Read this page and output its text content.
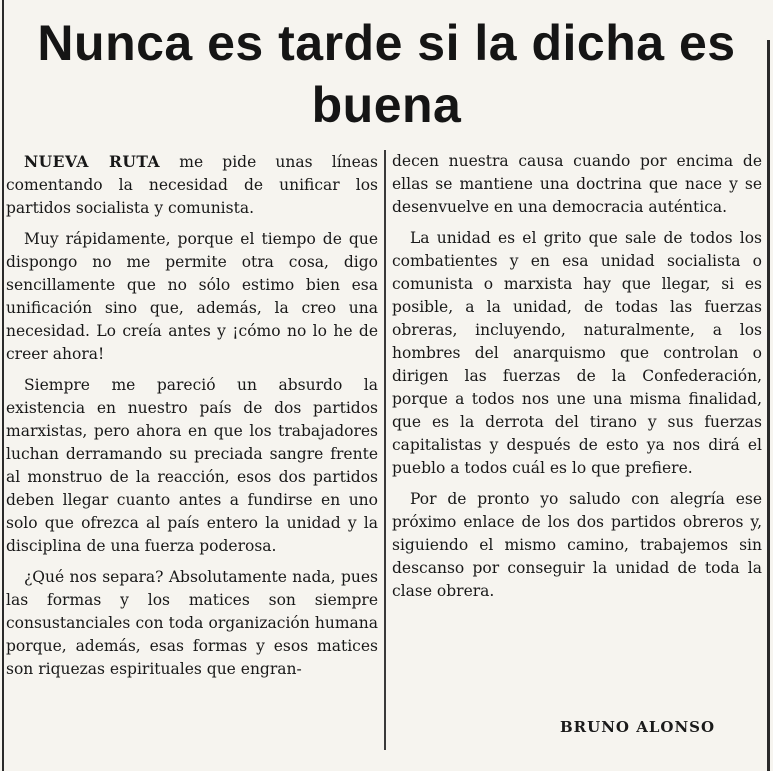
Nunca es tarde si la dicha es buena

NUEVA RUTA me pide unas líneas comentando la necesidad de unificar los partidos socialista y comunista.

Muy rápidamente, porque el tiempo de que dispongo no me permite otra cosa, digo sencillamente que no sólo estimo bien esa unificación sino que, además, la creo una necesidad. Lo creía antes y ¡cómo no lo he de creer ahora!

Siempre me pareció un absurdo la existencia en nuestro país de dos partidos marxistas, pero ahora en que los trabajadores luchan derramando su preciada sangre frente al monstruo de la reacción, esos dos partidos deben llegar cuanto antes a fundirse en uno solo que ofrezca al país entero la unidad y la disciplina de una fuerza poderosa.

¿Qué nos separa? Absolutamente nada, pues las formas y los matices son siempre consustanciales con toda organización humana porque, además, esas formas y esos matices son riquezas espirituales que engran-

decen nuestra causa cuando por encima de ellas se mantiene una doctrina que nace y se desenvuelve en una democracia auténtica.

La unidad es el grito que sale de todos los combatientes y en esa unidad socialista o comunista o marxista hay que llegar, si es posible, a la unidad, de todas las fuerzas obreras, incluyendo, naturalmente, a los hombres del anarquismo que controlan o dirigen las fuerzas de la Confederación, porque a todos nos une una misma finalidad, que es la derrota del tirano y sus fuerzas capitalistas y después de esto ya nos dirá el pueblo a todos cuál es lo que prefiere.

Por de pronto yo saludo con alegría ese próximo enlace de los dos partidos obreros y, siguiendo el mismo camino, trabajemos sin descanso por conseguir la unidad de toda la clase obrera.

BRUNO ALONSO
